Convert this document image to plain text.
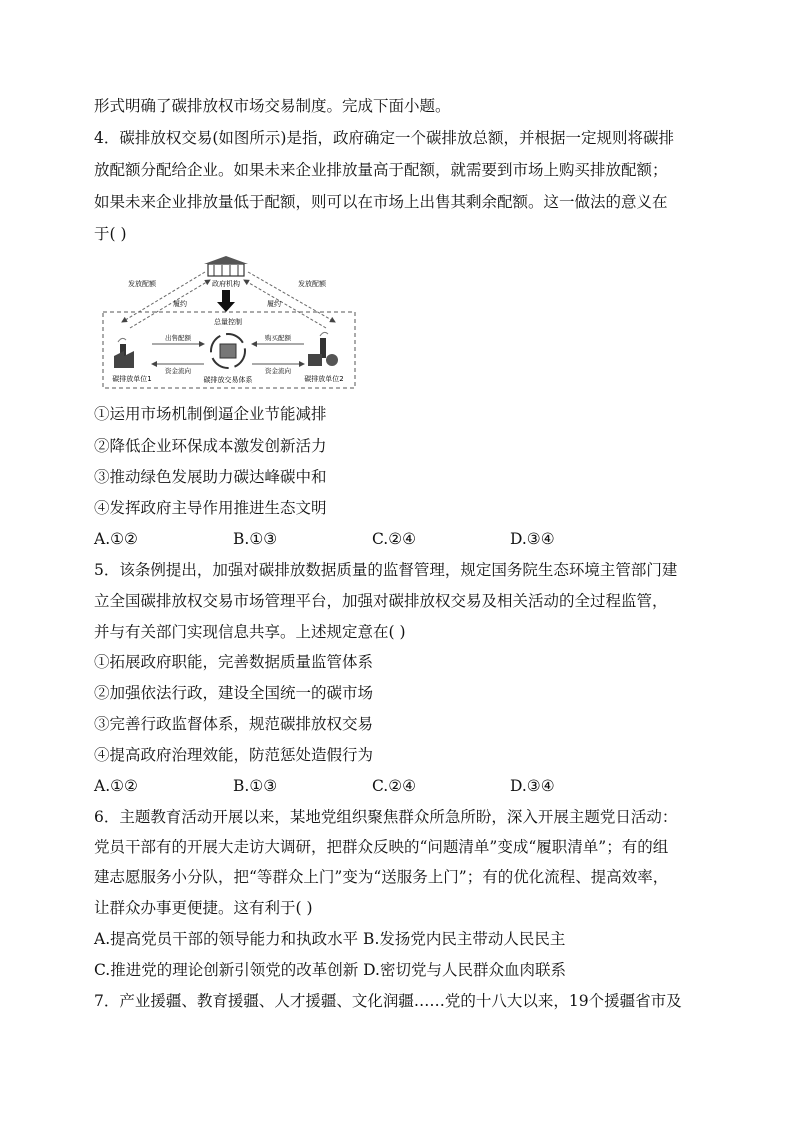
形式明确了碳排放权市场交易制度。完成下面小题。
4．碳排放权交易(如图所示)是指，政府确定一个碳排放总额，并根据一定规则将碳排
放配额分配给企业。如果未来企业排放量高于配额，就需要到市场上购买排放配额；
如果未来企业排放量低于配额，则可以在市场上出售其剩余配额。这一做法的意义在
于( )
政府机构
发放配额
履约
发放配额
履约
总量控制
碳排放交易体系
碳排放单位1	碳排放单位2
出售配额
资金流向
购买配额
资金流向
①运用市场机制倒逼企业节能减排
②降低企业环保成本激发创新活力
③推动绿色发展助力碳达峰碳中和
④发挥政府主导作用推进生态文明
A.①②	B.①③	C.②④	D.③④
5．该条例提出，加强对碳排放数据质量的监督管理，规定国务院生态环境主管部门建
立全国碳排放权交易市场管理平台，加强对碳排放权交易及相关活动的全过程监管，
并与有关部门实现信息共享。上述规定意在( )
①拓展政府职能，完善数据质量监管体系
②加强依法行政，建设全国统一的碳市场
③完善行政监督体系，规范碳排放权交易
④提高政府治理效能，防范惩处造假行为
A.①②	B.①③	C.②④	D.③④
6．主题教育活动开展以来，某地党组织聚焦群众所急所盼，深入开展主题党日活动：
党员干部有的开展大走访大调研，把群众反映的“问题清单”变成“履职清单”；有的组
建志愿服务小分队，把“等群众上门”变为“送服务上门”；有的优化流程、提高效率，
让群众办事更便捷。这有利于( )
A.提高党员干部的领导能力和执政水平 B.发扬党内民主带动人民民主
C.推进党的理论创新引领党的改革创新 D.密切党与人民群众血肉联系
7．产业援疆、教育援疆、人才援疆、文化润疆……党的十八大以来，19个援疆省市及
